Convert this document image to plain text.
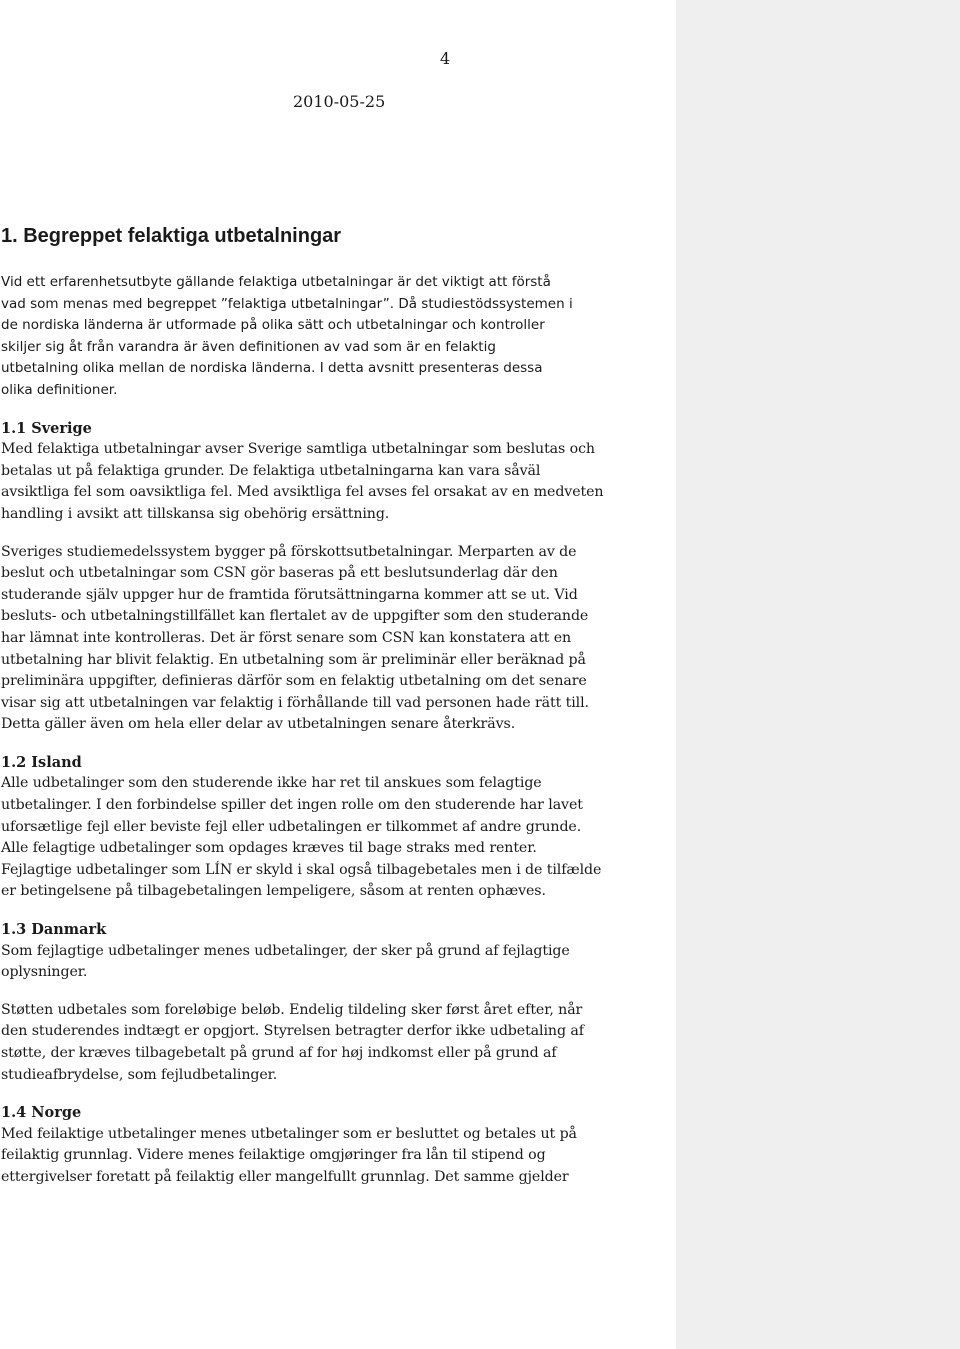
4
2010-05-25
1. Begreppet felaktiga utbetalningar

Vid ett erfarenhetsutbyte gällande felaktiga utbetalningar är det viktigt att förstå
vad som menas med begreppet ”felaktiga utbetalningar”. Då studiestödssystemen i
de nordiska länderna är utformade på olika sätt och utbetalningar och kontroller
skiljer sig åt från varandra är även definitionen av vad som är en felaktig
utbetalning olika mellan de nordiska länderna. I detta avsnitt presenteras dessa
olika definitioner.

1.1 Sverige

Med felaktiga utbetalningar avser Sverige samtliga utbetalningar som beslutas och
betalas ut på felaktiga grunder. De felaktiga utbetalningarna kan vara såväl
avsiktliga fel som oavsiktliga fel. Med avsiktliga fel avses fel orsakat av en medveten
handling i avsikt att tillskansa sig obehörig ersättning.

Sveriges studiemedelssystem bygger på förskottsutbetalningar. Merparten av de
beslut och utbetalningar som CSN gör baseras på ett beslutsunderlag där den
studerande själv uppger hur de framtida förutsättningarna kommer att se ut. Vid
besluts- och utbetalningstillfället kan flertalet av de uppgifter som den studerande
har lämnat inte kontrolleras. Det är först senare som CSN kan konstatera att en
utbetalning har blivit felaktig. En utbetalning som är preliminär eller beräknad på
preliminära uppgifter, definieras därför som en felaktig utbetalning om det senare
visar sig att utbetalningen var felaktig i förhållande till vad personen hade rätt till.
Detta gäller även om hela eller delar av utbetalningen senare återkrävs.

1.2 Island

Alle udbetalinger som den studerende ikke har ret til anskues som felagtige
utbetalinger. I den forbindelse spiller det ingen rolle om den studerende har lavet
uforsætlige fejl eller beviste fejl eller udbetalingen er tilkommet af andre grunde.
Alle felagtige udbetalinger som opdages kræves til bage straks med renter.
Fejlagtige udbetalinger som LÍN er skyld i skal også tilbagebetales men i de tilfælde
er betingelsene på tilbagebetalingen lempeligere, såsom at renten ophæves.

1.3 Danmark

Som fejlagtige udbetalinger menes udbetalinger, der sker på grund af fejlagtige
oplysninger.

Støtten udbetales som foreløbige beløb. Endelig tildeling sker først året efter, når
den studerendes indtægt er opgjort. Styrelsen betragter derfor ikke udbetaling af
støtte, der kræves tilbagebetalt på grund af for høj indkomst eller på grund af
studieafbrydelse, som fejludbetalinger.

1.4 Norge

Med feilaktige utbetalinger menes utbetalinger som er besluttet og betales ut på
feilaktig grunnlag. Videre menes feilaktige omgjøringer fra lån til stipend og
ettergivelser foretatt på feilaktig eller mangelfullt grunnlag. Det samme gjelder
